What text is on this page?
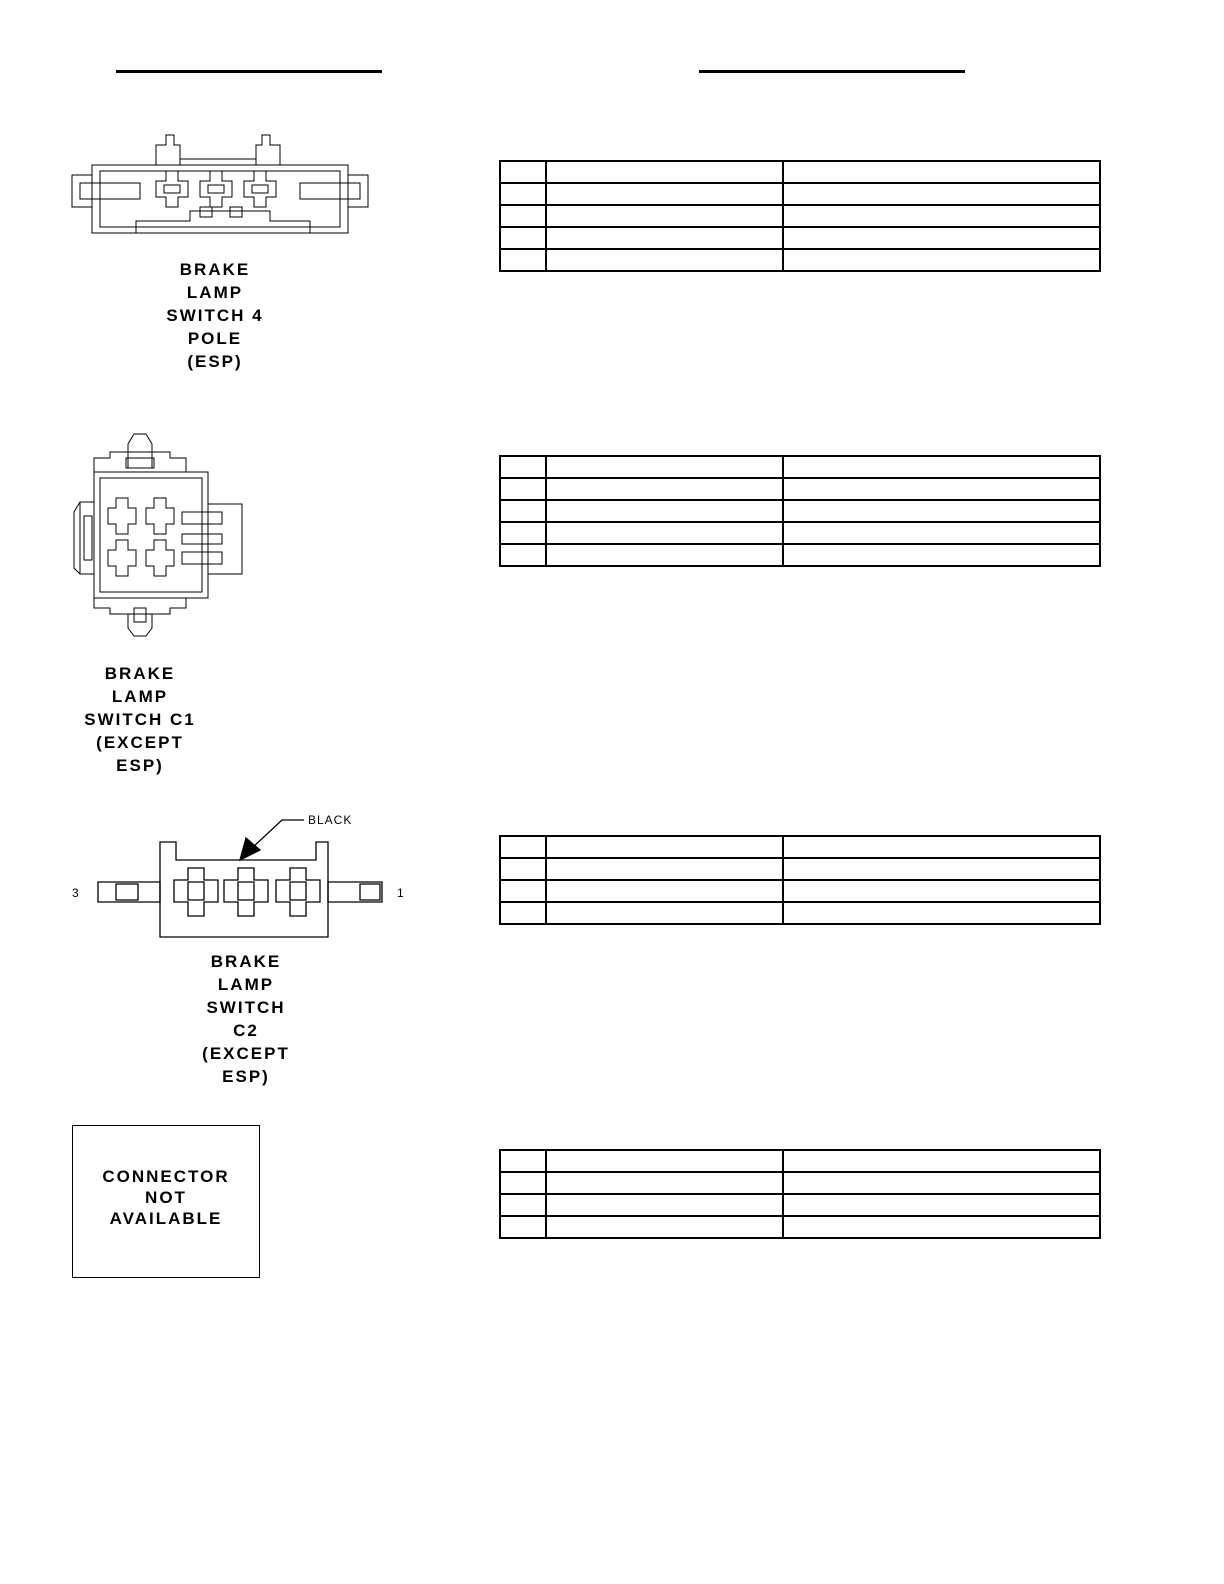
BRAKE
LAMP
SWITCH 4
POLE
(ESP)

BRAKE
LAMP
SWITCH C1
(EXCEPT ESP)

BLACK
3	1
BRAKE
LAMP
SWITCH
C2
(EXCEPT ESP)

CONNECTOR
NOT
AVAILABLE
